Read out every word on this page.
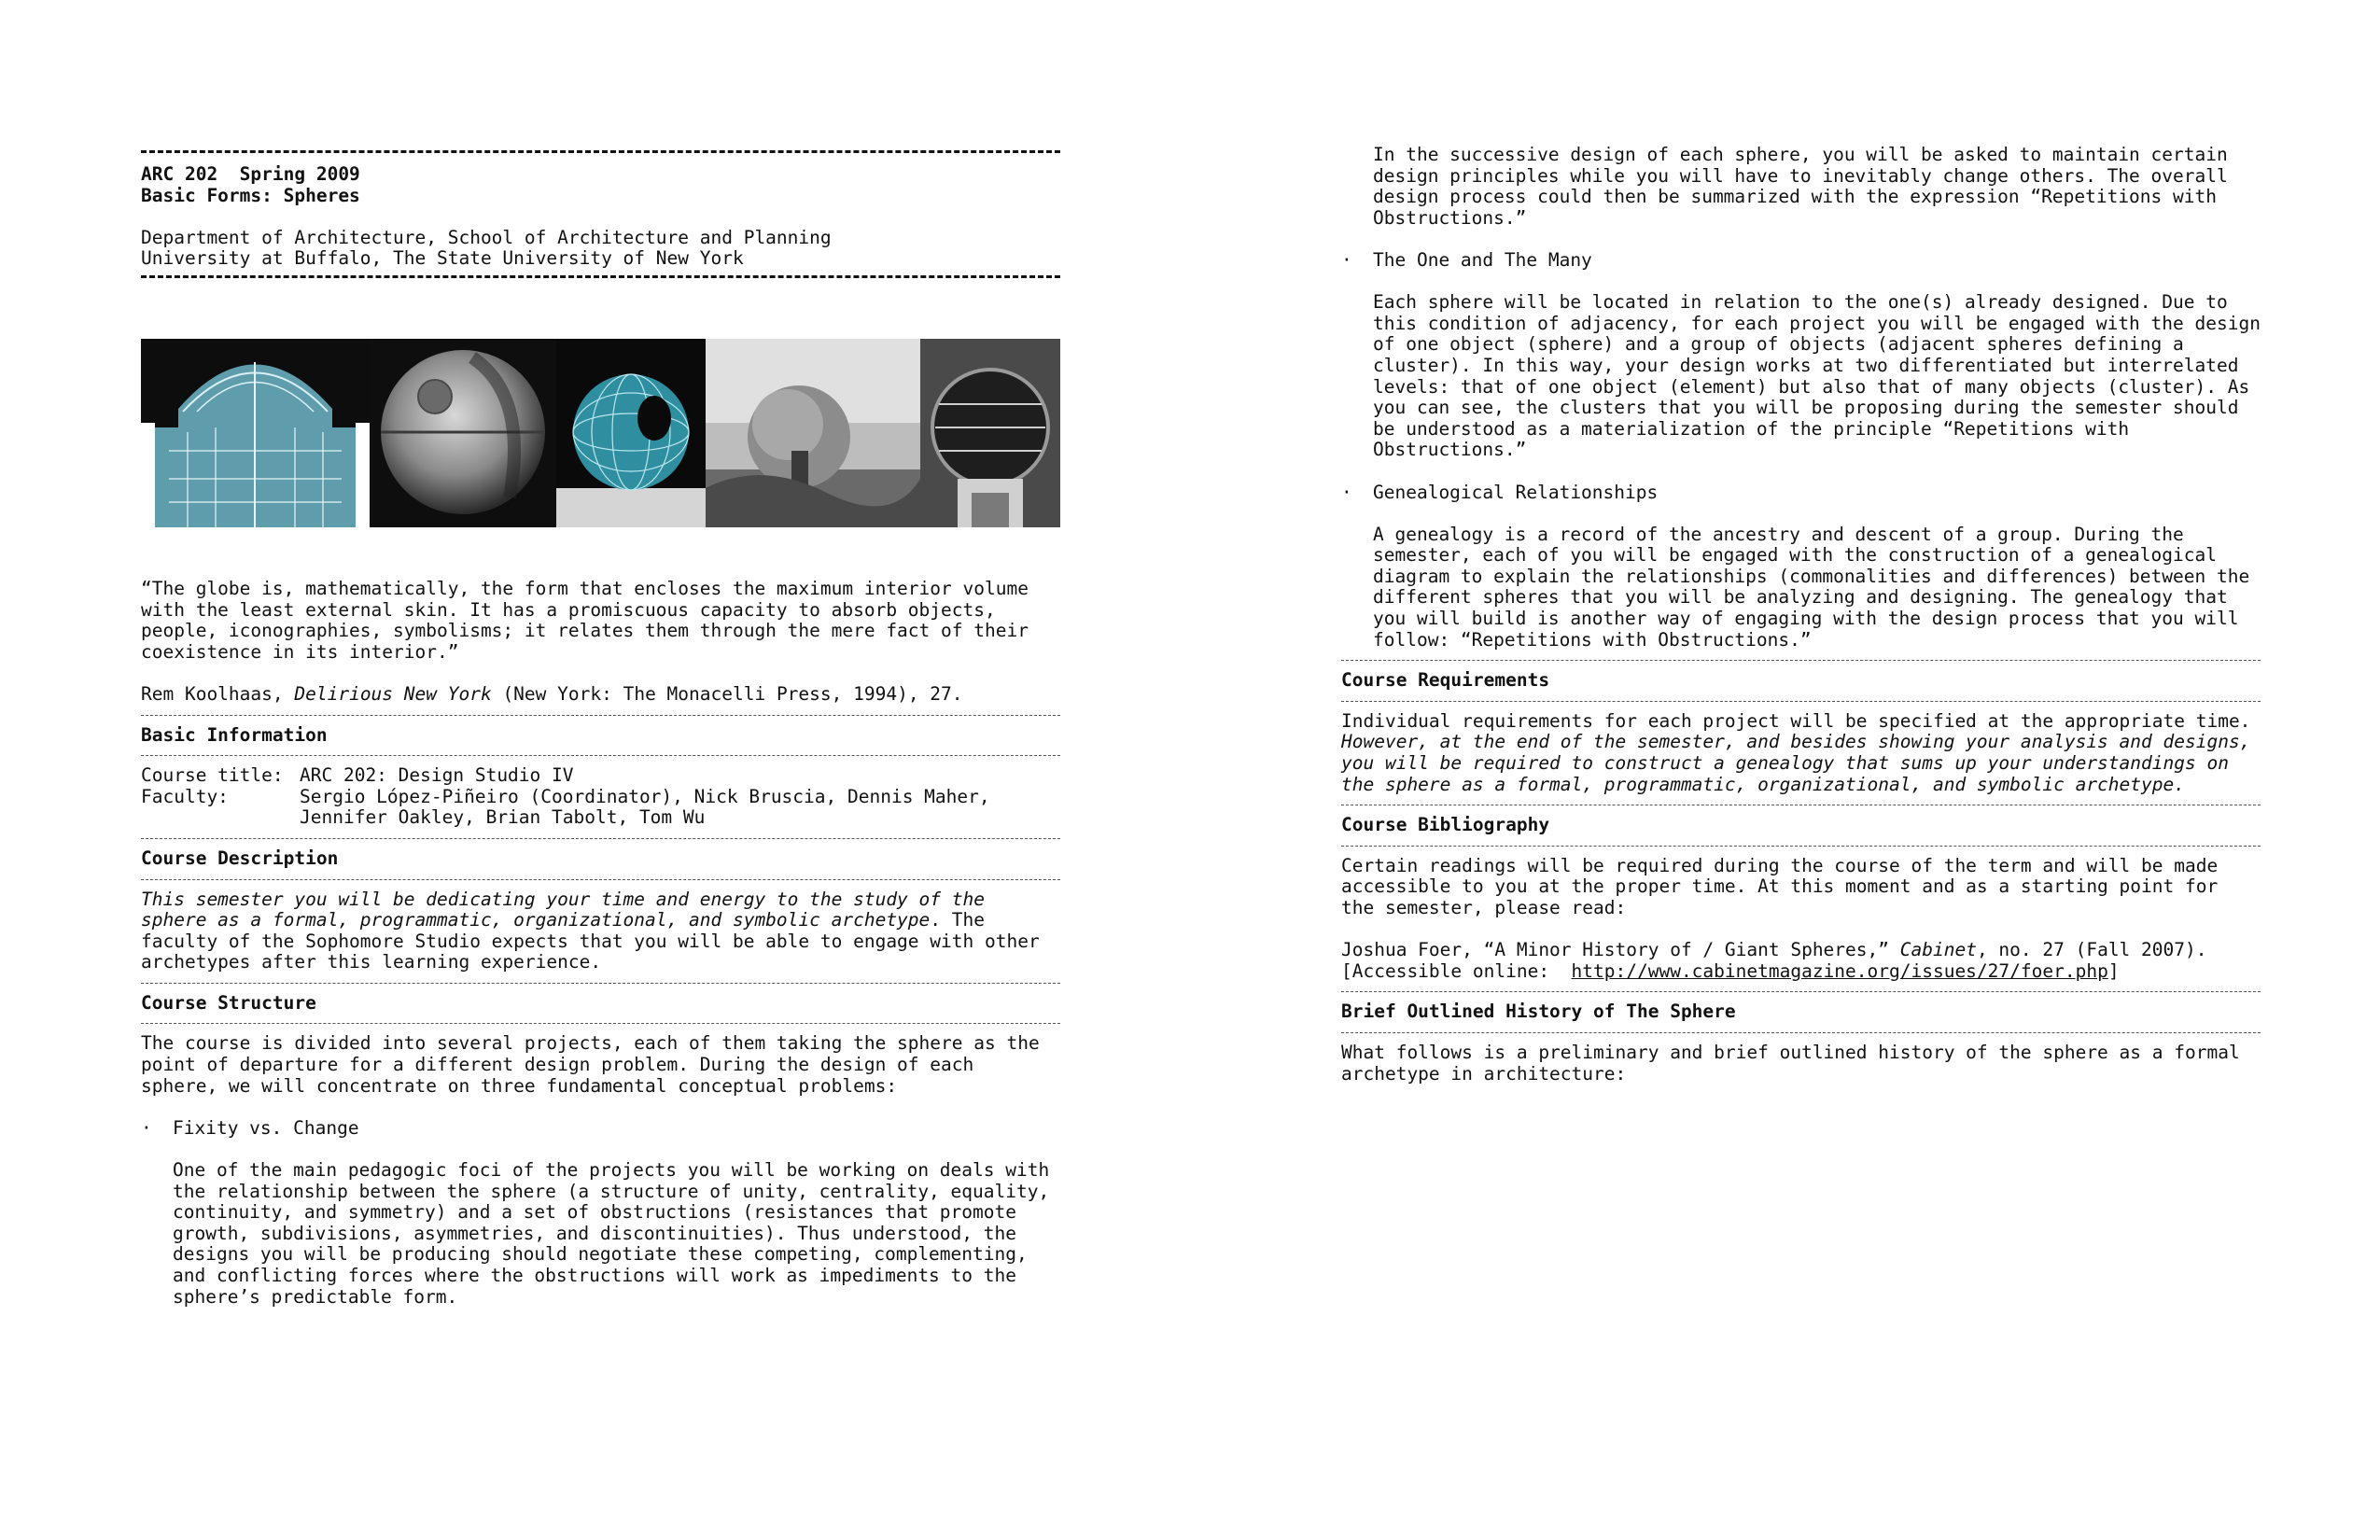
ARC 202  Spring 2009

Basic Forms: Spheres

Department of Architecture, School of Architecture and Planning

University at Buffalo, The State University of New York

“The globe is, mathematically, the form that encloses the maximum interior volume with the least external skin. It has a promiscuous capacity to absorb objects, people, iconographies, symbolisms; it relates them through the mere fact of their coexistence in its interior.”

Rem Koolhaas, Delirious New York (New York: The Monacelli Press, 1994), 27.

Basic Information

Course title: ARC 202: Design Studio IV
Faculty:	Sergio López-Piñeiro (Coordinator), Nick Bruscia, Dennis Maher, Jennifer Oakley, Brian Tabolt, Tom Wu

Course Description

This semester you will be dedicating your time and energy to the study of the sphere as a formal, programmatic, organizational, and symbolic archetype. The faculty of the Sophomore Studio expects that you will be able to engage with other archetypes after this learning experience.

Course Structure

The course is divided into several projects, each of them taking the sphere as the point of departure for a different design problem. During the design of each sphere, we will concentrate on three fundamental conceptual problems:

· Fixity vs. Change

One of the main pedagogic foci of the projects you will be working on deals with the relationship between the sphere (a structure of unity, centrality, equality, continuity, and symmetry) and a set of obstructions (resistances that promote growth, subdivisions, asymmetries, and discontinuities). Thus understood, the designs you will be producing should negotiate these competing, complementing, and conflicting forces where the obstructions will work as impediments to the sphere’s predictable form.

In the successive design of each sphere, you will be asked to maintain certain design principles while you will have to inevitably change others. The overall design process could then be summarized with the expression “Repetitions with Obstructions.”

· The One and The Many

Each sphere will be located in relation to the one(s) already designed. Due to this condition of adjacency, for each project you will be engaged with the design of one object (sphere) and a group of objects (adjacent spheres defining a cluster). In this way, your design works at two differentiated but interrelated levels: that of one object (element) but also that of many objects (cluster). As you can see, the clusters that you will be proposing during the semester should be understood as a materialization of the principle “Repetitions with Obstructions.”

· Genealogical Relationships

A genealogy is a record of the ancestry and descent of a group. During the semester, each of you will be engaged with the construction of a genealogical diagram to explain the relationships (commonalities and differences) between the different spheres that you will be analyzing and designing. The genealogy that you will build is another way of engaging with the design process that you will follow: “Repetitions with Obstructions.”

Course Requirements

Individual requirements for each project will be specified at the appropriate time. However, at the end of the semester, and besides showing your analysis and designs, you will be required to construct a genealogy that sums up your understandings on the sphere as a formal, programmatic, organizational, and symbolic archetype.

Course Bibliography

Certain readings will be required during the course of the term and will be made accessible to you at the proper time. At this moment and as a starting point for the semester, please read:

Joshua Foer, “A Minor History of / Giant Spheres,” Cabinet, no. 27 (Fall 2007).

[Accessible online:  http://www.cabinetmagazine.org/issues/27/foer.php]

Brief Outlined History of The Sphere

What follows is a preliminary and brief outlined history of the sphere as a formal archetype in architecture:
